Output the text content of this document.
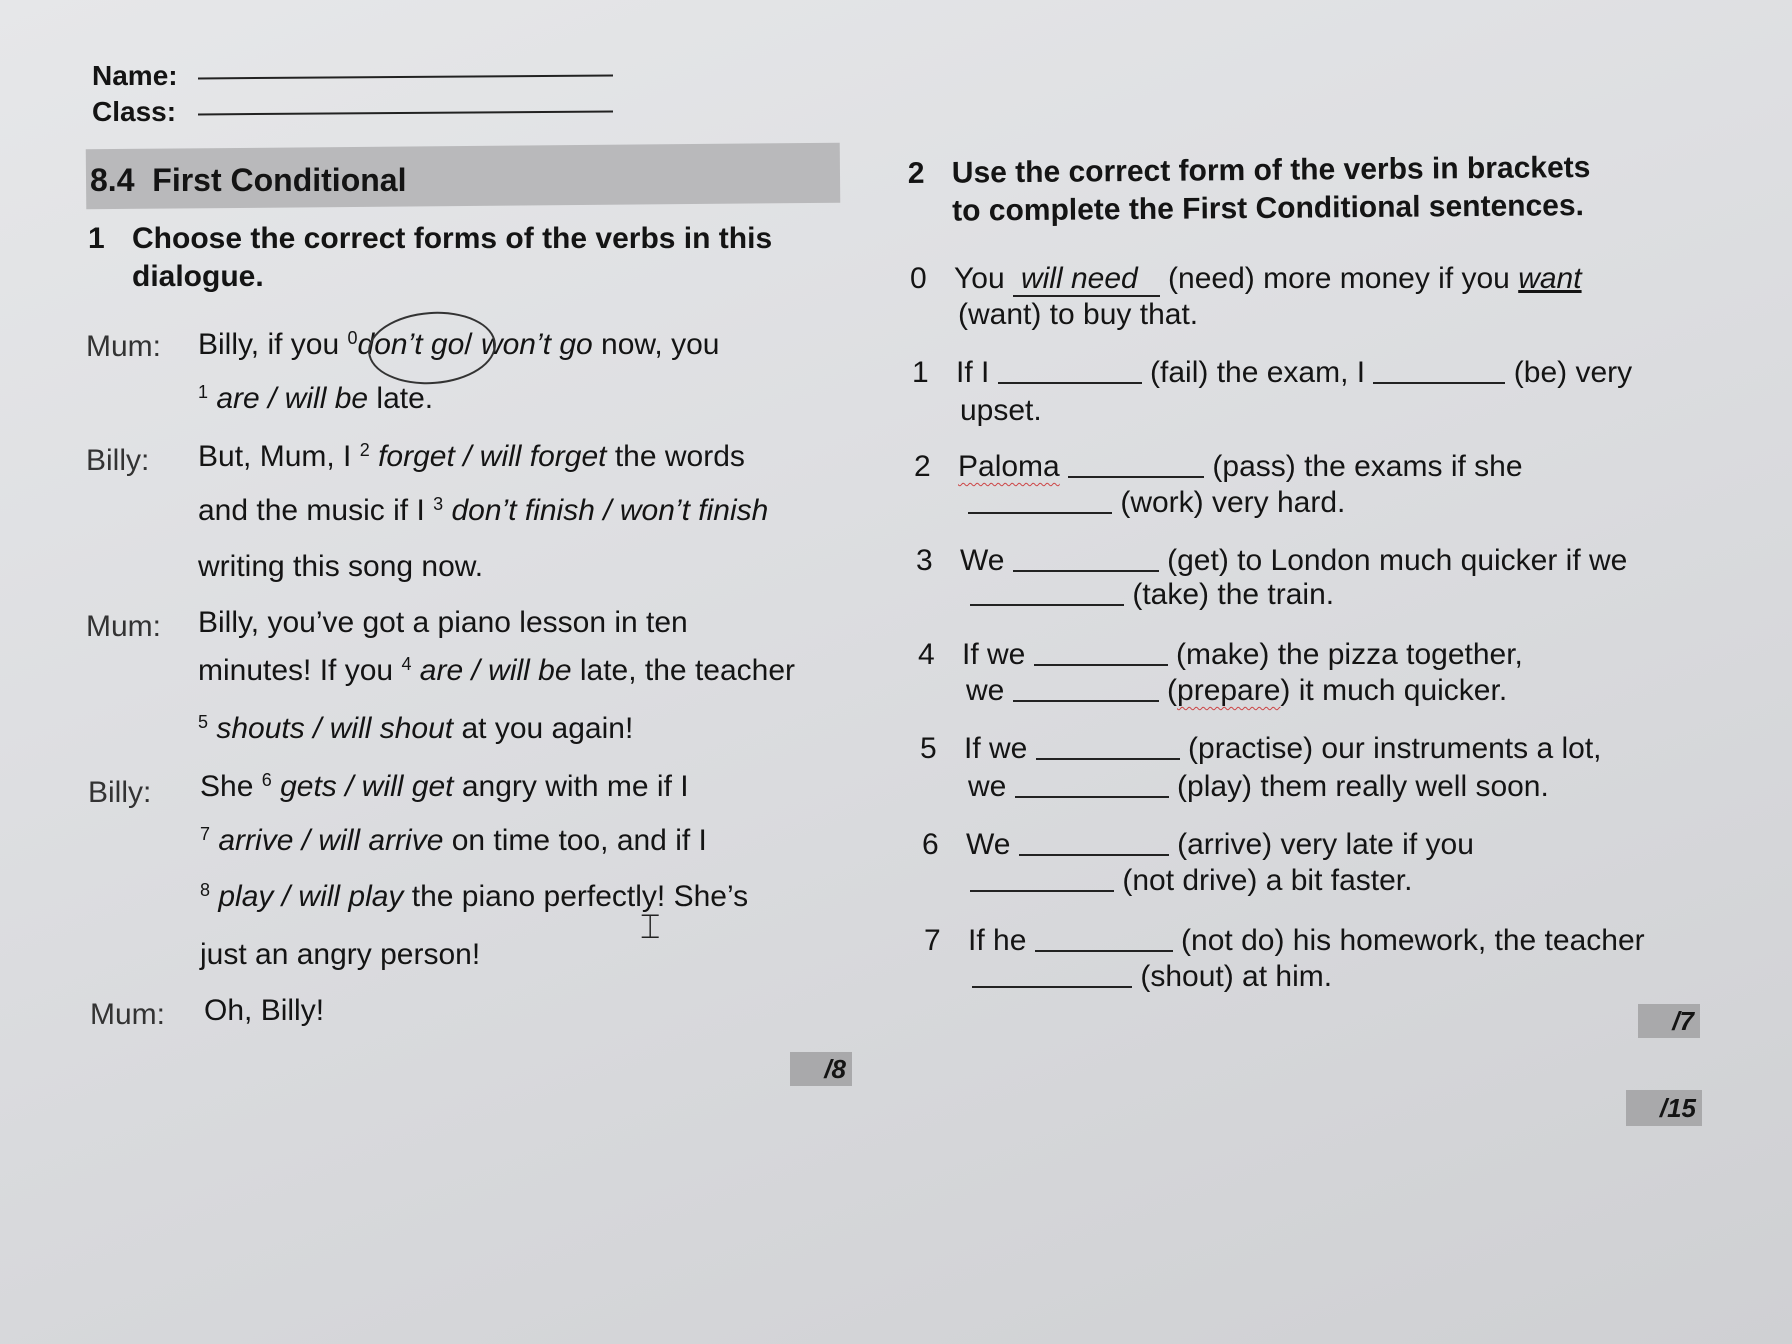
Name:
Class:
8.4 First Conditional
1 Choose the correct forms of the verbs in this
dialogue.
Mum: Billy, if you $^0$don’t go/ won’t go now, you
$^1$ are / will be late.
Billy: But, Mum, I $^2$ forget / will forget the words
and the music if I $^3$ don’t finish / won’t finish
writing this song now.
Mum: Billy, you’ve got a piano lesson in ten
minutes! If you $^4$ are / will be late, the teacher
$^5$ shouts / will shout at you again!
Billy: She $^6$ gets / will get angry with me if I
$^7$ arrive / will arrive on time too, and if I
$^8$ play / will play the piano perfectly! She’s
just an angry person!
Mum: Oh, Billy!
⌶
/8
2 Use the correct form of the verbs in brackets
to complete the First Conditional sentences.
0 You will need (need) more money if you want
(want) to buy that.
1 If I	(fail) the exam, I	(be) very
upset.
2 Paloma	(pass) the exams if she
(work) very hard.
3 We	(get) to London much quicker if we
(take) the train.
4 If we	(make) the pizza together,
we	(prepare) it much quicker.
5 If we	(practise) our instruments a lot,
we	(play) them really well soon.
6 We	(arrive) very late if you
(not drive) a bit faster.
7 If he	(not do) his homework, the teacher
(shout) at him.
/7
/15
